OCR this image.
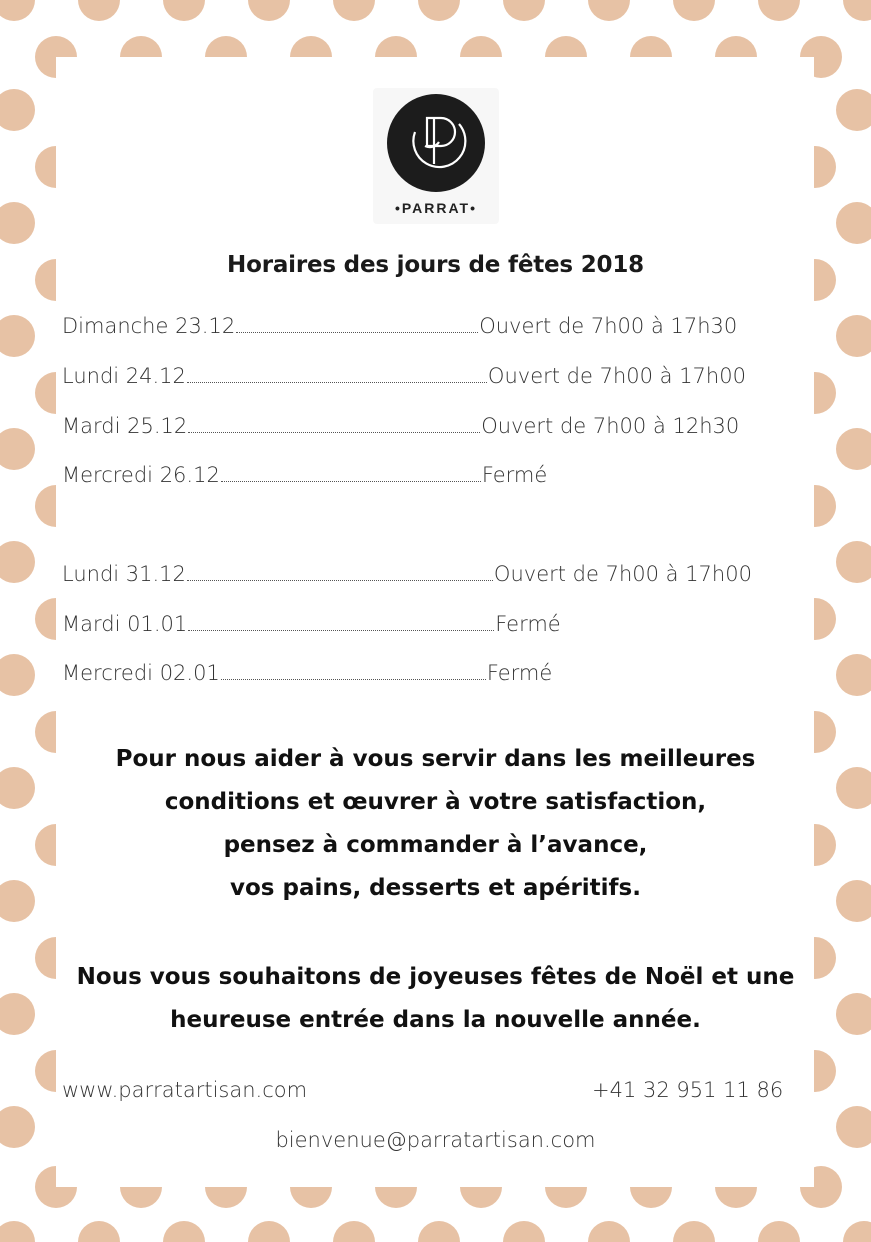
•PARRAT•
Horaires des jours de fêtes 2018
Dimanche 23.12	Ouvert de 7h00 à 17h30
Lundi 24.12	Ouvert de 7h00 à 17h00
Mardi 25.12	Ouvert de 7h00 à 12h30
Mercredi 26.12	Fermé
Lundi 31.12	Ouvert de 7h00 à 17h00
Mardi 01.01	Fermé
Mercredi 02.01	Fermé
Pour nous aider à vous servir dans les meilleures
conditions et œuvrer à votre satisfaction,
pensez à commander à l’avance,
vos pains, desserts et apéritifs.
Nous vous souhaitons de joyeuses fêtes de Noël et une
heureuse entrée dans la nouvelle année.
www.parratartisan.com	+41 32 951 11 86
bienvenue@parratartisan.com
